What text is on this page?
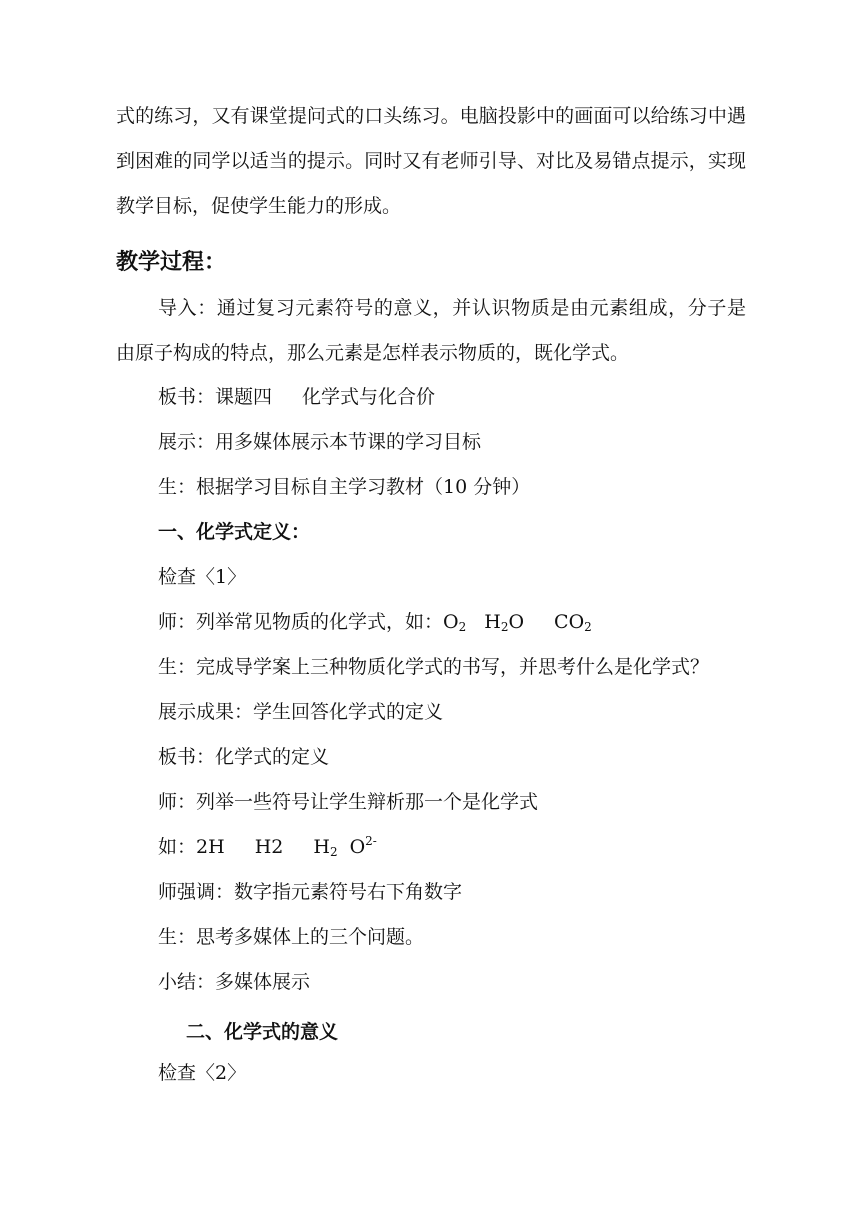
式的练习，又有课堂提问式的口头练习。电脑投影中的画面可以给练习中遇到困难的同学以适当的提示。同时又有老师引导、对比及易错点提示，实现教学目标，促使学生能力的形成。
教学过程：
导入：通过复习元素符号的意义，并认识物质是由元素组成，分子是由原子构成的特点，那么元素是怎样表示物质的，既化学式。
板书：课题四 化学式与化合价
展示：用多媒体展示本节课的学习目标
生：根据学习目标自主学习教材（10 分钟）
一、化学式定义：
检查〈1〉
师：列举常见物质的化学式，如：$O_2$ $H_2O$ $CO_2$
生：完成导学案上三种物质化学式的书写，并思考什么是化学式？
展示成果：学生回答化学式的定义
板书：化学式的定义
师：列举一些符号让学生辩析那一个是化学式
如：2H H2 $H_2$ $O^{2-}$
师强调：数字指元素符号右下角数字
生：思考多媒体上的三个问题。
小结：多媒体展示
二、化学式的意义
检查〈2〉
